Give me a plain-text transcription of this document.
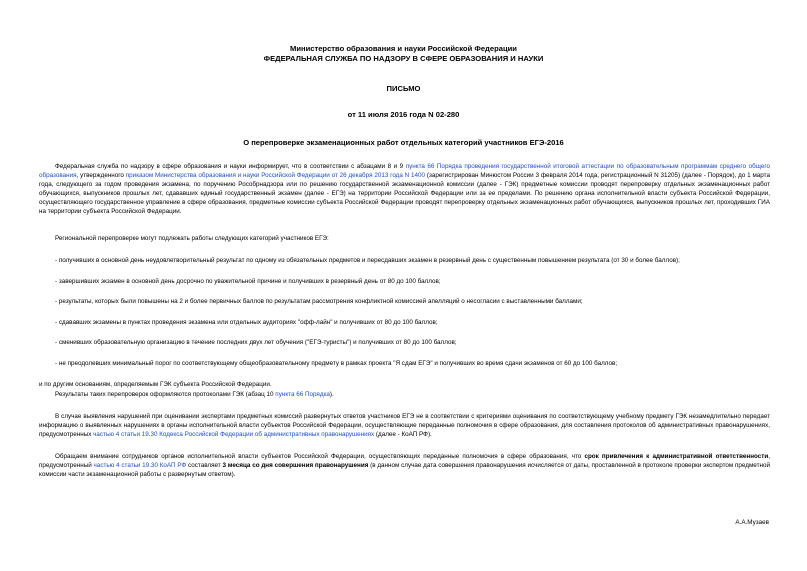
Министерство образования и науки Российской Федерации
ФЕДЕРАЛЬНАЯ СЛУЖБА ПО НАДЗОРУ В СФЕРЕ ОБРАЗОВАНИЯ И НАУКИ
ПИСЬМО
от 11 июля 2016 года N 02-280
О перепроверке экзаменационных работ отдельных категорий участников ЕГЭ-2016
Федеральная служба по надзору в сфере образования и науки информирует, что в соответствии с абзацами 8 и 9 пункта 66 Порядка проведения государственной итоговой аттестации по образовательным программам среднего общего образования, утвержденного приказом Министерства образования и науки Российской Федерации от 26 декабря 2013 года N 1400 (зарегистрирован Минюстом России 3 февраля 2014 года, регистрационный N 31205) (далее - Порядок), до 1 марта года, следующего за годом проведения экзамена, по поручению Рособрнадзора или по решению государственной экзаменационной комиссии (далее - ГЭК) предметные комиссии проводят перепроверку отдельных экзаменационных работ обучающихся, выпускников прошлых лет, сдававших единый государственный экзамен (далее - ЕГЭ) на территории Российской Федерации или за ее пределами. По решению органа исполнительной власти субъекта Российской Федерации, осуществляющего государственное управление в сфере образования, предметные комиссии субъекта Российской Федерации проводят перепроверку отдельных экзаменационных работ обучающихся, выпускников прошлых лет, проходивших ГИА на территории субъекта Российской Федерации.
Региональной перепроверке могут подлежать работы следующих категорий участников ЕГЭ:
- получивших в основной день неудовлетворительный результат по одному из обязательных предметов и пересдавших экзамен в резервный день с существенным повышением результата (от 30 и более баллов);
- завершивших экзамен в основной день досрочно по уважительной причине и получивших в резервный день от 80 до 100 баллов;
- результаты, которых были повышены на 2 и более первичных баллов по результатам рассмотрения конфликтной комиссией апелляций о несогласии с выставленными баллами;
- сдававших экзамены в пунктах проведения экзамена или отдельных аудиториях "офф-лайн" и получивших от 80 до 100 баллов;
- сменивших образовательную организацию в течение последних двух лет обучения ("ЕГЭ-туристы") и получивших от 80 до 100 баллов;
- не преодолевших минимальный порог по соответствующему общеобразовательному предмету в рамках проекта "Я сдам ЕГЭ" и получивших во время сдачи экзаменов от 60 до 100 баллов;
и по другим основаниям, определяемым ГЭК субъекта Российской Федерации.
Результаты таких перепроверок оформляются протоколами ГЭК (абзац 10 пункта 66 Порядка).
В случае выявления нарушений при оценивании экспертами предметных комиссий развернутых ответов участников ЕГЭ не в соответствии с критериями оценивания по соответствующему учебному предмету ГЭК незамедлительно передает информацию о выявленных нарушениях в органы исполнительной власти субъектов Российской Федерации, осуществляющие переданные полномочия в сфере образования, для составления протоколов об административных правонарушениях, предусмотренных частью 4 статьи 19.30 Кодекса Российской Федерации об административных правонарушениях (далее - КоАП РФ).
Обращаем внимание сотрудников органов исполнительной власти субъектов Российской Федерации, осуществляющих переданные полномочия в сфере образования, что срок привлечения к административной ответственности, предусмотренный частью 4 статьи 19.30 КоАП РФ составляет 3 месяца со дня совершения правонарушения (в данном случае дата совершения правонарушения исчисляется от даты, проставленной в протоколе проверки экспертом предметной комиссии части экзаменационной работы с развернутым ответом).
А.А.Музаев
